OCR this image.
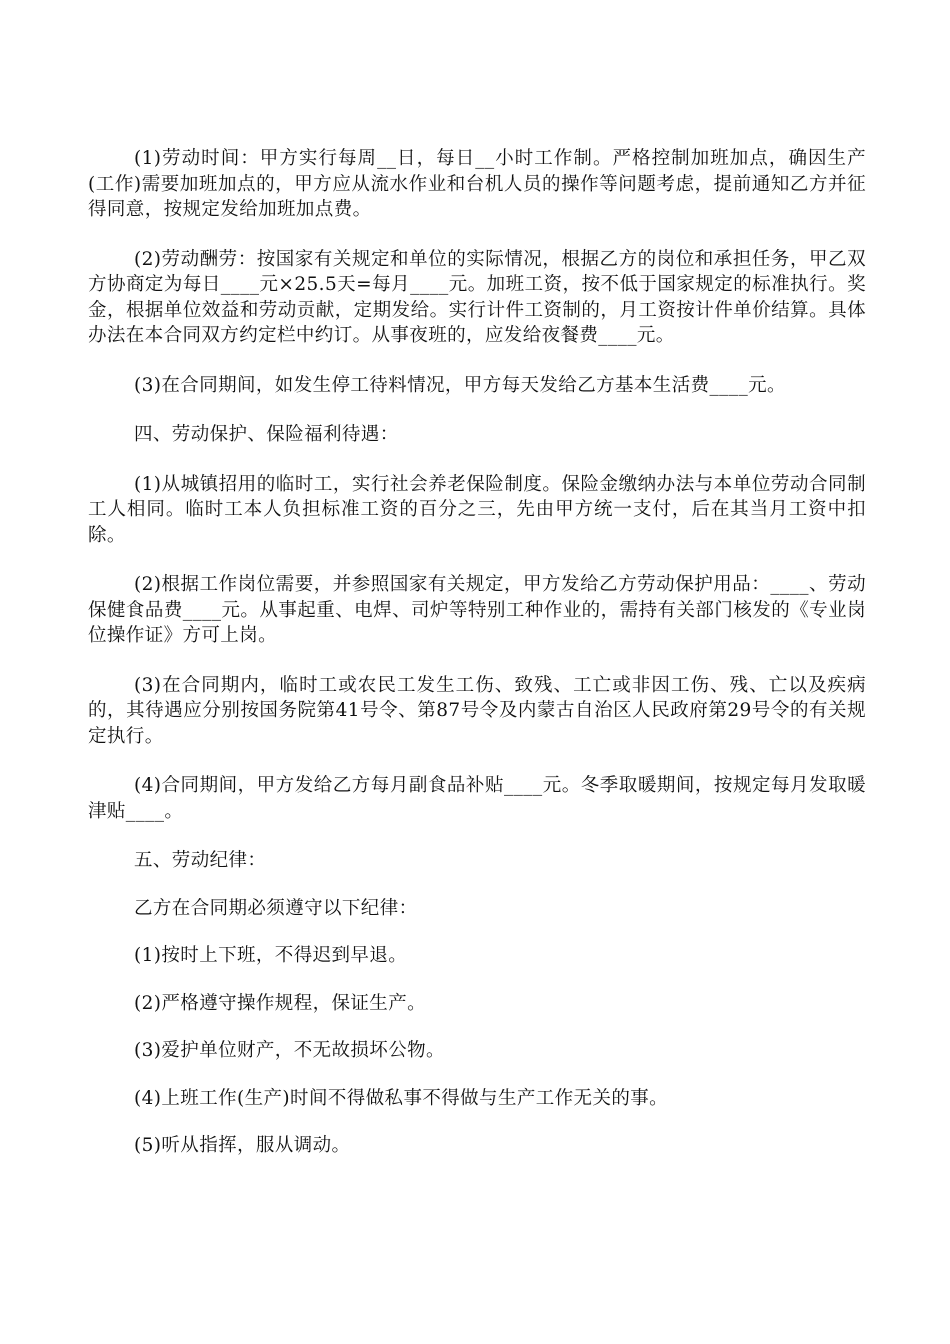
(1)劳动时间：甲方实行每周__日，每日__小时工作制。严格控制加班加点，确因生产(工作)需要加班加点的，甲方应从流水作业和台机人员的操作等问题考虑，提前通知乙方并征得同意，按规定发给加班加点费。

(2)劳动酬劳：按国家有关规定和单位的实际情况，根据乙方的岗位和承担任务，甲乙双方协商定为每日____元×25.5天=每月____元。加班工资，按不低于国家规定的标准执行。奖金，根据单位效益和劳动贡献，定期发给。实行计件工资制的，月工资按计件单价结算。具体办法在本合同双方约定栏中约订。从事夜班的，应发给夜餐费____元。

(3)在合同期间，如发生停工待料情况，甲方每天发给乙方基本生活费____元。

四、劳动保护、保险福利待遇：

(1)从城镇招用的临时工，实行社会养老保险制度。保险金缴纳办法与本单位劳动合同制工人相同。临时工本人负担标准工资的百分之三，先由甲方统一支付，后在其当月工资中扣除。

(2)根据工作岗位需要，并参照国家有关规定，甲方发给乙方劳动保护用品：____、劳动保健食品费____元。从事起重、电焊、司炉等特别工种作业的，需持有关部门核发的《专业岗位操作证》方可上岗。

(3)在合同期内，临时工或农民工发生工伤、致残、工亡或非因工伤、残、亡以及疾病的，其待遇应分别按国务院第41号令、第87号令及内蒙古自治区人民政府第29号令的有关规定执行。

(4)合同期间，甲方发给乙方每月副食品补贴____元。冬季取暖期间，按规定每月发取暖津贴____。

五、劳动纪律：

乙方在合同期必须遵守以下纪律：

(1)按时上下班，不得迟到早退。

(2)严格遵守操作规程，保证生产。

(3)爱护单位财产，不无故损坏公物。

(4)上班工作(生产)时间不得做私事不得做与生产工作无关的事。

(5)听从指挥，服从调动。
